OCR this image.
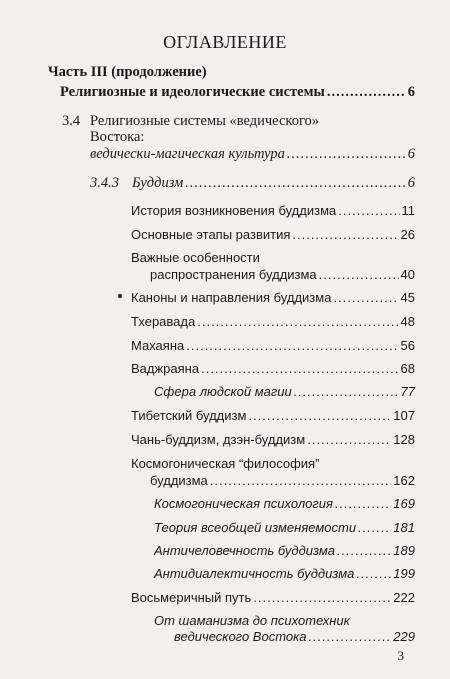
ОГЛАВЛЕНИЕ
Часть III (продолжение)
Религиозные и идеологические системы .....	6
3.4 Религиозные системы «ведического»
Востока:
ведически-магическая культура .....	6
3.4.3 Буддизм .....	6
История возникновения буддизма .....	11
Основные этапы развития .....	26
Важные особенности
распространения буддизма .....	40
Каноны и направления буддизма .....	45
Тхеравада .....	48
Махаяна .....	56
Ваджраяна .....	68
Сфера людской магии .....	77
Тибетский буддизм .....	107
Чань-буддизм, дзэн-буддизм .....	128
Космогоническая “философия”
буддизма .....	162
Космогоническая психология .....	169
Теория всеобщей изменяемости .....	181
Античеловечность буддизма .....	189
Антидиалектичность буддизма .....	199
Восьмеричный путь .....	222
От шаманизма до психотехник
ведического Востока .....	229
3
